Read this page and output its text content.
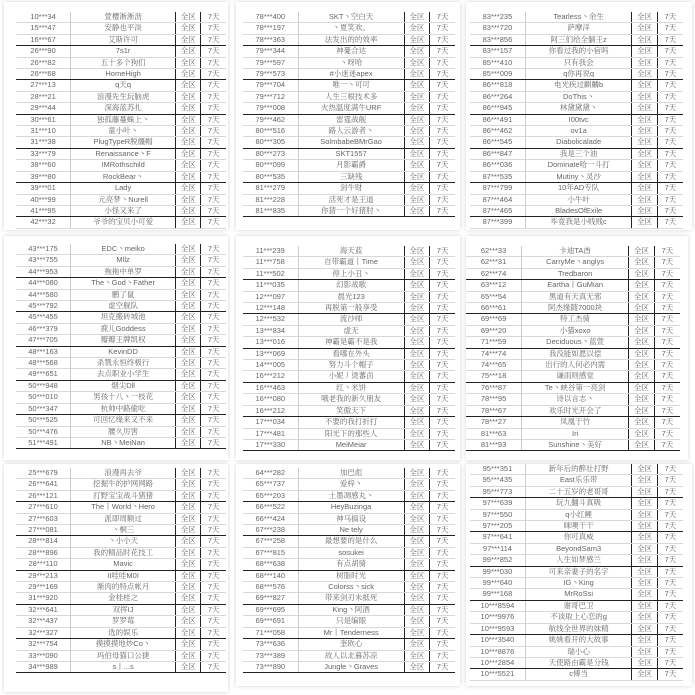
10***34	萱樱淅淅沥	全区	7天
15***47	安静也平淡	全区	7天
16***67	艾斯许可	全区	7天
26***90	7s1r	全区	7天
26***82	五十多个狗们	全区	7天
26***68	HomeHigh	全区	7天
27***13	q天q	全区	7天
28***21	浪漫先生玩脑虎	全区	7天
29***44	深海蓝苏扎	全区	7天
30***61	独孤藤蔓蛛上丶	全区	7天
31***10	童小叶丶	全区	7天
31***38	PlugTypeR脱缰帽	全区	7天
33***79	Renaissance丶F	全区	7天
38***60	IMRothschild	全区	7天
39***80	RockBear丶	全区	7天
39***01	Lady	全区	7天
40***99	元亮梦丶Nurell	全区	7天
41***95	小怪又来了	全区	7天
42***32	爷爷的宝贝小可爱	全区	7天
78***400	SKT丶空白天	全区	7天
78***197	丶夏笑欢。	全区	7天
78***363	法发出的的效率	全区	7天
79***344	神憂合达	全区	7天
79***597	丶呀哈	全区	7天
79***573	#小迷迷apex	全区	7天
79***704	唯一丶可可	全区	7天
79***712	人生三根技术多	全区	7天
79***008	火热温度满牛URF	全区	7天
79***462	雷霆战舰	全区	7天
80***516	路人云游者丶	全区	7天
80***305	SolmbabeBMrGao	全区	7天
80***273	SKT1557	全区	7天
80***099	月影霸爵	全区	7天
80***535	三缺残	全区	7天
81***279	剑牛财	全区	7天
81***228	活死才是王道	全区	7天
81***835	你猜一个好猪肘丶	全区	7天
83***235	Tearless丶余生	全区	7天
83***720	萨摩洋	全区	7天
83***856	阿三们给全躺王z	全区	7天
83***157	你看过我的小宿吗	全区	7天
85***410	只有我会	全区	7天
85***009	q你再说q	全区	7天
86***818	电光疾过麒麟b	全区	7天
86***264	DoThis丶	全区	7天
86***945	林黛黛黛丶	全区	7天
86***491	I00tvc	全区	7天
86***462	ov1a	全区	7天
86***545	Diabolicalade	全区	7天
86***847	我是三个油	全区	7天
86***036	Dominate哈一斗打	全区	7天
87***535	Mutiny丶灵沙	全区	7天
87***799	10年AD专队	全区	7天
87***464	小牛叶	全区	7天
87***465	BladesOfExile	全区	7天
87***399	毕竟我是小贱贱c	全区	7天
43***175	EDC丶meiko	全区	7天
43***755	Mllz	全区	7天
44***953	拖拖中单罗	全区	7天
44***080	The丶God丶Father	全区	7天
44***580	鹏了鼠	全区	7天
45***792	虚空舰队	全区	7天
45***455	坦克搬砖城池	全区	7天
46***379	鹿儿Goddess	全区	7天
47***705	瓣瓣王牌凯权	全区	7天
48***163	KevinDD	全区	7天
48***568	杀戮永恒终极行	全区	7天
49***651	去点职业小学生	全区	7天
50***948	烟尖Dll	全区	7天
50***010	男孩十八丶一枝花	全区	7天
50***347	杭帅中路偷吃	全区	7天
50***525	可回忆缘来又不来	全区	7天
50***476	腰久厉害	全区	7天
51***491	NB丶MeiNan	全区	7天
11***239	海天蓝	全区	7天
11***758	自带霸道丨Time	全区	7天
11***502	停上小丑丶	全区	7天
11***035	幻影战歌	全区	7天
12***097	晨光123	全区	7天
12***148	再脱第一般享受	全区	7天
12***532	流沙师	全区	7天
13***834	虚无	全区	7天
13***016	神霸是霸不是我	全区	7天
13***069	看哪在外头	全区	7天
14***005	努力斗个帽子	全区	7天
16***212	小妮丿烫蕃卤	全区	7天
16***463	红丶米饼	全区	7天
16***080	哦老我的新久朋友	全区	7天
16***212	笑傲天下	全区	7天
17***034	不要的我打折打	全区	7天
17***481	阳光下的那些人	全区	7天
17***330	MeiMeiar	全区	7天
62***33	卡迪TA酋	全区	7天
62***31	CarryMe丶anglys	全区	7天
62***74	Tredbaron	全区	7天
63***12	Eartha丨GuMian	全区	7天
65***54	黑道有天真无邪	全区	7天
66***61	阿杰缘随7000块	全区	7天
69***69	特工杰骑	全区	7天
69***20	小猫xoxo	全区	7天
71***59	Deciduous丶蓝萱	全区	7天
74***74	我没能如愿以偿	全区	7天
74***65	出行的人何必内需	全区	7天
75***18	谦雨则感觉	全区	7天
76***87	Te丶峡谷第一亮剑	全区	7天
78***95	诗以言志丶	全区	7天
78***67	欢乐时光开会了	全区	7天
78***27	凤凰于竹	全区	7天
81***63	Iri	全区	7天
81***93	Sunshine丶美好	全区	7天
25***679	浪漫再去爷	全区	7天
26***641	挖掘牛的护网网路	全区	7天
26***121	打野宝宝战斗猪猪	全区	7天
27***610	The丨World丶Hero	全区	7天
27***603	派即周额过	全区	7天
27***081	丶桐三	全区	7天
28***814	丶小小天	全区	7天
28***896	我的精品时花技工	全区	7天
28***110	Mavic	全区	7天
29***213	II哇哇M0I	全区	7天
29***169	渐肉的特点帐月	全区	7天
31***920	金桂桂之	全区	7天
32***641	双挥IJ	全区	7天
32***437	罗罗莓	全区	7天
32***327	选的娱乐	全区	7天
32***754	摸摸摸地炒Co丶	全区	7天
33***090	玛伯母猫口公捷	全区	7天
34***989	s丨...s	全区	7天
64***282	加巴彪	全区	7天
65***737	爱梓丶	全区	7天
65***203	土墨凋感丸丶	全区	7天
66***522	HeyBuzinga	全区	7天
66***424	神马搞设	全区	7天
67***238	Ne tely	全区	7天
67***258	最想要的是什么	全区	7天
67***815	sosukei	全区	7天
68***638	有点胡骑	全区	7天
68***140	树脂时光	全区	7天
68***576	Colorss丶sick	全区	7天
69***827	带来剑刃未抵死	全区	7天
69***695	King丶阿酒	全区	7天
69***691	只是编眼	全区	7天
71***058	Mr丨Tenderness	全区	7天
73***636	奎欧心	全区	7天
73***389	故人以北暮苏凉	全区	7天
73***890	Jungle丶Graves	全区	7天
95***351	新年后的醉壮打野	全区	7天
95***435	East乐乐带	全区	7天
95***773	二十五岁的老哥哥	全区	7天
97***639	玩九翻斗真吸	全区	7天
97***550	q小红鲤	全区	7天
97***205	咪噢干干	全区	7天
97***641	你可真威	全区	7天
97***114	BeyondSam3	全区	7天
99***852	人生如梦感兰	全区	7天
99***030	可来亲妻子的名字	全区	7天
99***640	IG丶King	全区	7天
99***168	MrRoSsi	全区	7天
10***8594	谢哥巴卫	全区	7天
10***9976	不谈取上心恋的g	全区	7天
10***9593	航线全世界的妹精	全区	7天
10***3540	姚姚看开的大故事	全区	7天
10***8876	瑞小心	全区	7天
10***2854	天使路由霸是分钱	全区	7天
10***5521	c傅当	全区	7天
